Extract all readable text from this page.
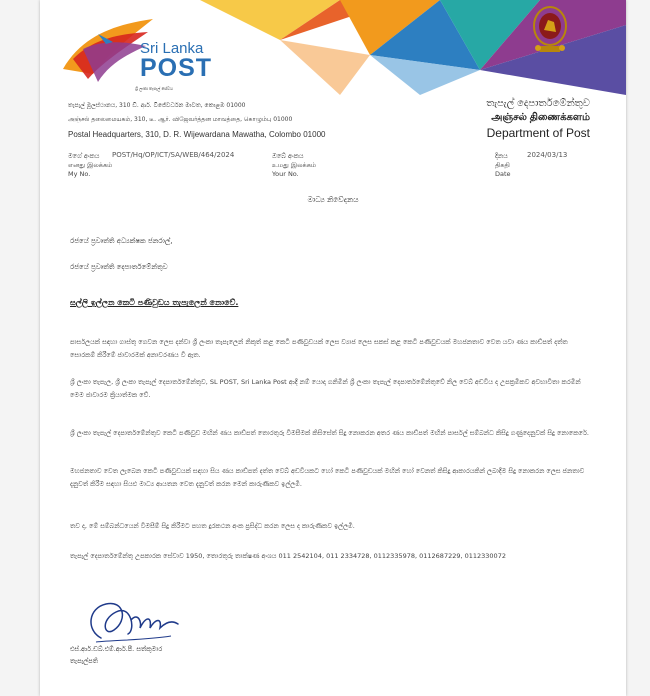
Sri Lanka
POST
ශ්‍රී ලංකා තැපැල් සේවය
තැපැල් මූලස්ථානය, 310 ඩී. ආර්. විජේවර්ධන මාවත, කොළඹ 01000
அஞ்சல் தலைமையகம், 310, டீ. ஆர். விஜேவர்த்தன மாவத்தை, கொழும்பு 01000
Postal Headquarters, 310, D. R. Wijewardana Mawatha, Colombo 01000
තැපැල් දෙපාර්තමේන්තුව
அஞ்சல் திணைக்களம்
Department of Post
මගේ අංකය
எனது இலக்கம்
My No.
POST/Hq/OP/ICT/SA/WEB/464/2024	ඔබේ අංකය
உமது இலக்கம்
Your No.
දිනය
திகதி
Date
2024/03/13
මාධ්‍ය නිවේදනය
රජයේ ප්‍රවෘත්ති අධ්‍යක්ෂක ජනරාල්,
රජයේ ප්‍රවෘත්ති දෙපාර්තමේන්තුව
සල්ලි ඉල්ලන කෙටි පණිවුඩය තැපැලෙන් නොවේ.
පාර්සලයක් සඳහා ගාස්තු ගෙවන ලෙස දන්වා ශ්‍රී ලංකා තැපැලෙන් නිකුත් කළ කෙටි පණිවුඩයක් ලෙස ව්‍යාජ ලෙස සකස් කළ කෙටි පණිවුඩයක් මහජනතාව වෙත යවා ණය කාඩ්පත් දත්ත සොරකම් කිරීමේ ජාවාරමක් අනාවරණය වී ඇත.
ශ්‍රී ලංකා තැපැල, ශ්‍රී ලංකා තැපැල් දෙපාර්තමේන්තුව, SL POST, Sri Lanka Post ආදී නම් යොදා ගනිමින් ශ්‍රී ලංකා තැපැල් දෙපාර්තමේන්තුවේ නිල වෙබ් අඩවිය ද උපක්‍රමිකව අවභාවිතා කරමින් මෙම ජාවාරම ක්‍රියාත්මක වේ.
ශ්‍රී ලංකා තැපැල් දෙපාර්තමේන්තුව කෙටි පණිවුඩ මඟින් ණය කාඩ්පත් තොරතුරු විමසීමක් කිසිසේත් සිදු නොකරන අතර ණය කාඩ්පත් මඟින් පාර්සල් සම්බන්ධ කිසිදු ගණුදෙනුවක් සිදු නොකෙරේ.
මහජනතාව වෙත ලැබෙන කෙටි පණිවුඩයක් සඳහා සිය ණය කාඩ්පත් දත්ත වෙබ් අඩවියකට හෝ කෙටි පණිවුඩයක් මඟින් හෝ වෙනත් කිසිදු ආකාරයකින් ලබාදීම සිදු නොකරන ලෙස ජනතාව දැනුවත් කිරීම සඳහා සියළු මාධ්‍ය ආයතන වෙත දැනුවත් කරන මෙන් කාරුණිකව ඉල්ලමි.
තව ද, මේ සම්බන්ධයෙන් විමසීම් සිදු කිරීමට පහත දුරකථන අංක ප්‍රසිද්ධ කරන ලෙස ද කාරුණිකව ඉල්ලමි.
තැපැල් දෙපාර්තමේන්තු උපකාරක සේවාව 1950, තොරතුරු තාක්ෂණ අංශය 011 2542104, 011 2334728, 0112335978, 0112687229, 0112330072
එස්.ආර්.ඩබ්.එම්.ආර්.පී. සත්කුමාර
තැපැල්පති
